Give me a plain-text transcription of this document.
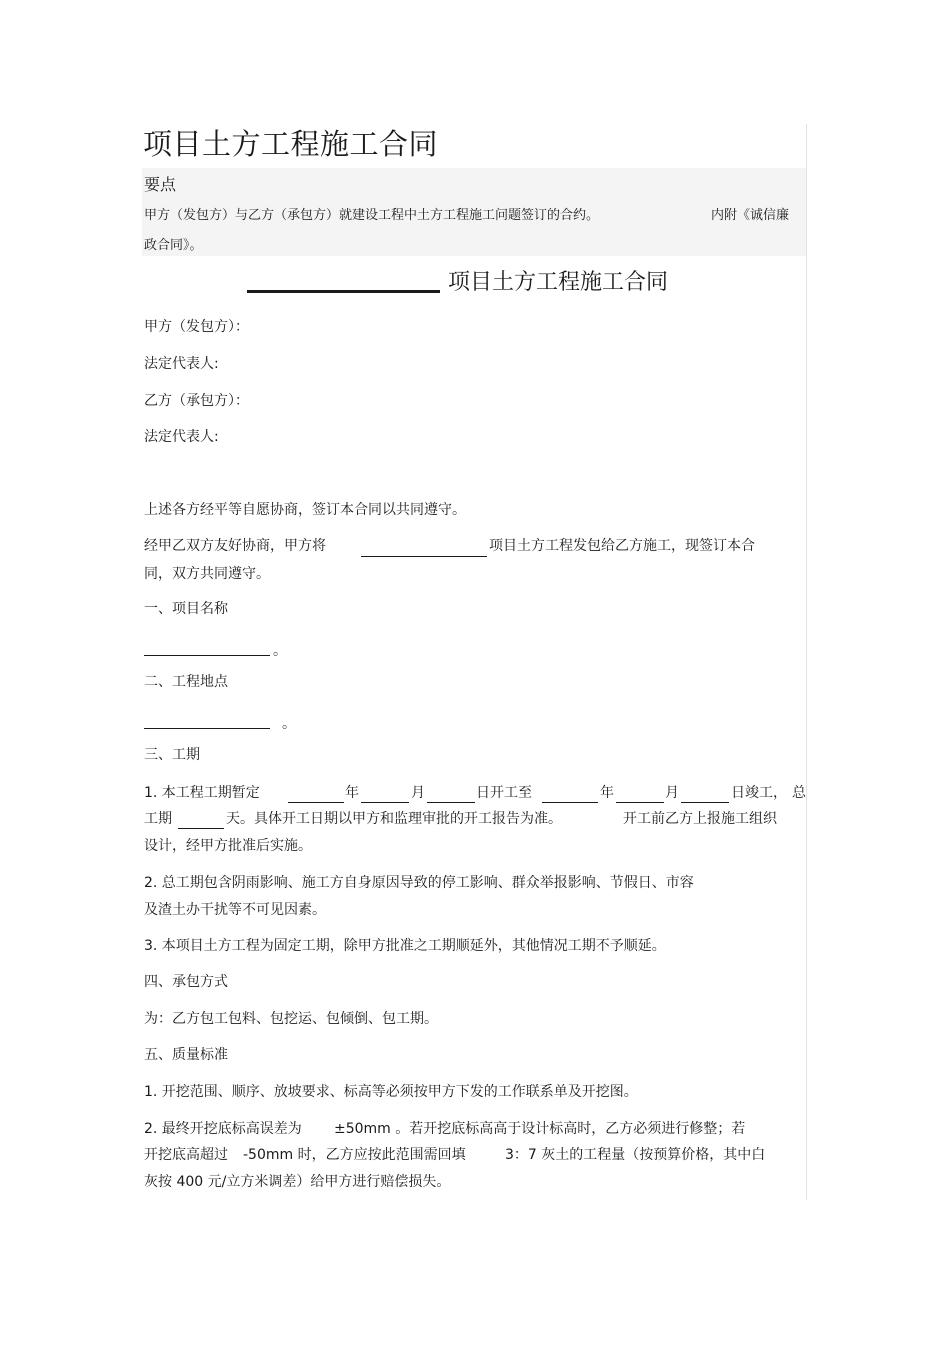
项目土方工程施工合同
要点
甲方（发包方）与乙方（承包方）就建设工程中土方工程施工问题签订的合约。	内附《诚信廉
政合同》。
项目土方工程施工合同
甲方（发包方）：
法定代表人:
乙方（承包方）：
法定代表人:
上述各方经平等自愿协商，签订本合同以共同遵守。
经甲乙双方友好协商，甲方将	项目土方工程发包给乙方施工，现签订本合
同，双方共同遵守。
一、项目名称
。
二、工程地点
。
三、工期
1. 本工程工期暂定	年	月	日开工至	年	月	日竣工， 总
工期	天。具体开工日期以甲方和监理审批的开工报告为准。	开工前乙方上报施工组织
设计，经甲方批准后实施。
2. 总工期包含阴雨影响、施工方自身原因导致的停工影响、群众举报影响、节假日、市容
及渣土办干扰等不可见因素。
3. 本项目土方工程为固定工期，除甲方批准之工期顺延外，其他情况工期不予顺延。
四、承包方式
为：乙方包工包料、包挖运、包倾倒、包工期。
五、质量标准
1. 开挖范围、顺序、放坡要求、标高等必须按甲方下发的工作联系单及开挖图。
2. 最终开挖底标高误差为 ±50mm 。若开挖底标高高于设计标高时，乙方必须进行修整；若
开挖底高超过 -50mm 时，乙方应按此范围需回填	3：7 灰土的工程量（按预算价格，其中白
灰按 400 元/立方米调差）给甲方进行赔偿损失。
